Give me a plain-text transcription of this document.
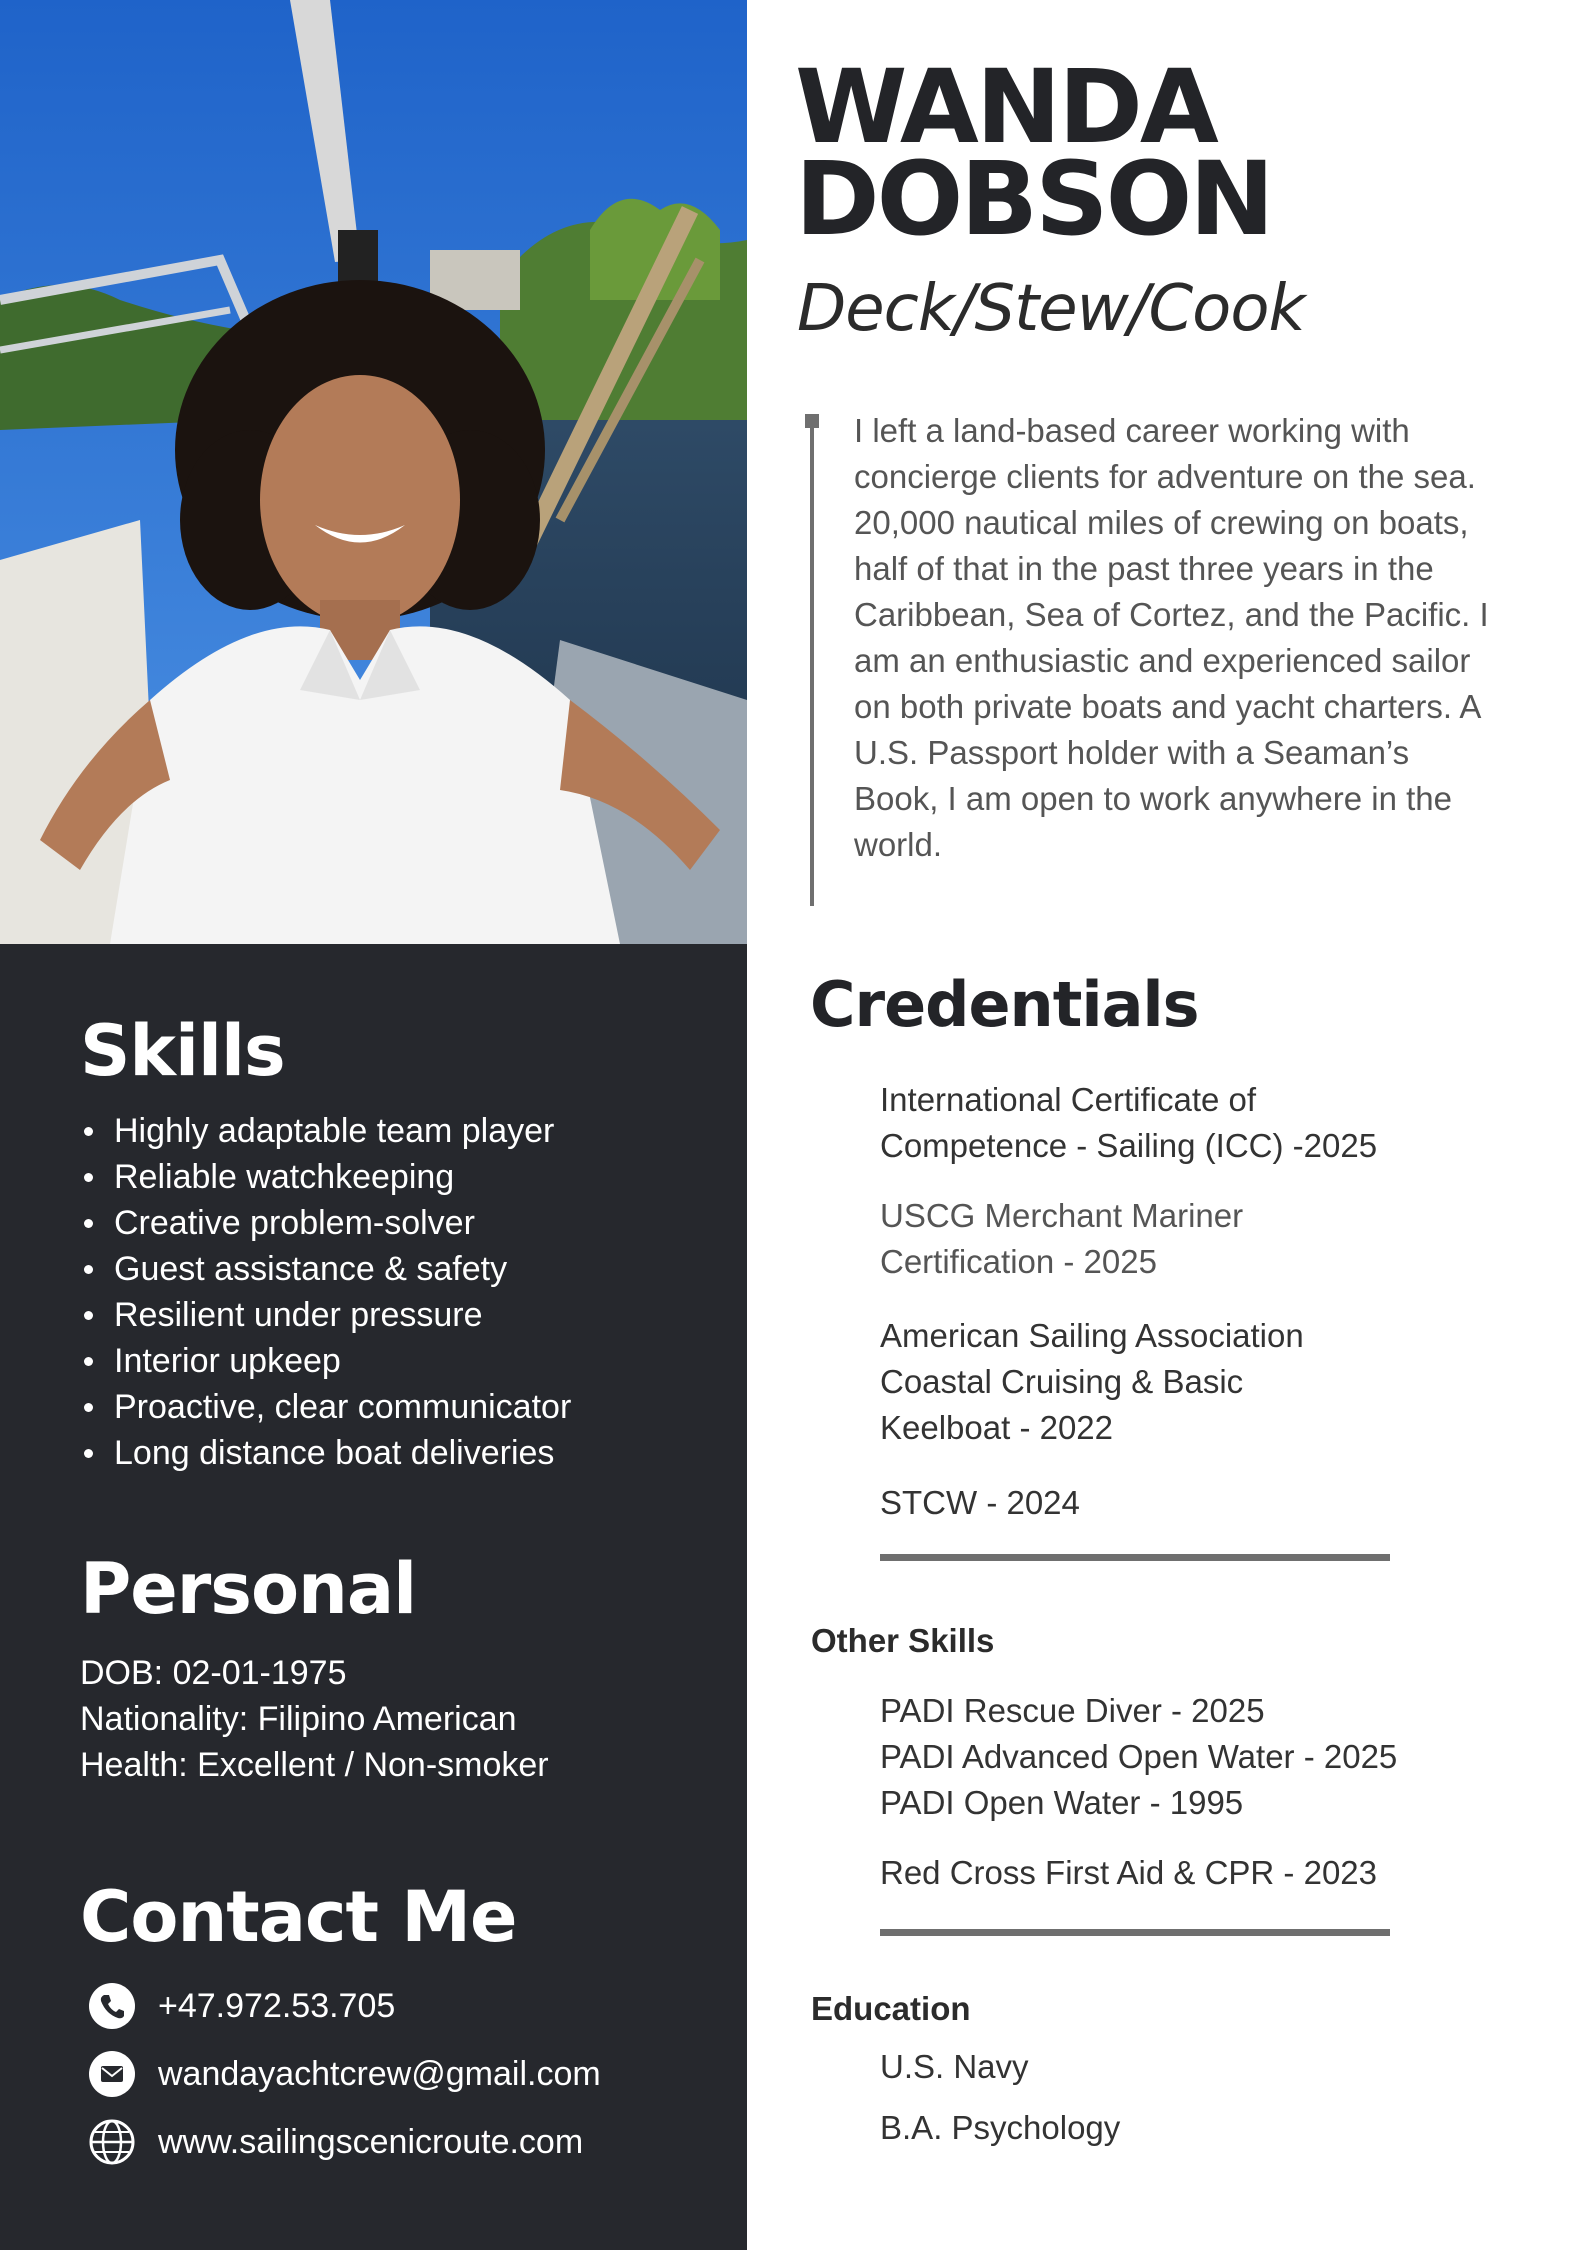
Skills
Highly adaptable team player
Reliable watchkeeping
Creative problem-solver
Guest assistance & safety
Resilient under pressure
Interior upkeep
Proactive, clear communicator
Long distance boat deliveries
Personal
DOB: 02-01-1975
Nationality: Filipino American
Health: Excellent / Non-smoker
Contact Me
+47.972.53.705
wandayachtcrew@gmail.com
www.sailingscenicroute.com
WANDA
DOBSON
Deck/Stew/Cook

I left a land-based career working with concierge clients for adventure on the sea. 20,000 nautical miles of crewing on boats, half of that in the past three years in the Caribbean, Sea of Cortez, and the Pacific. I am an enthusiastic and experienced sailor on both private boats and yacht charters. A U.S. Passport holder with a Seaman’s Book, I am open to work anywhere in the world.

Credentials
International Certificate of
Competence - Sailing (ICC) -2025
USCG Merchant Mariner
Certification - 2025
American Sailing Association
Coastal Cruising & Basic
Keelboat - 2022
STCW - 2024
Other Skills
PADI Rescue Diver - 2025
PADI Advanced Open Water - 2025
PADI Open Water - 1995
Red Cross First Aid & CPR - 2023
Education
U.S. Navy
B.A. Psychology
